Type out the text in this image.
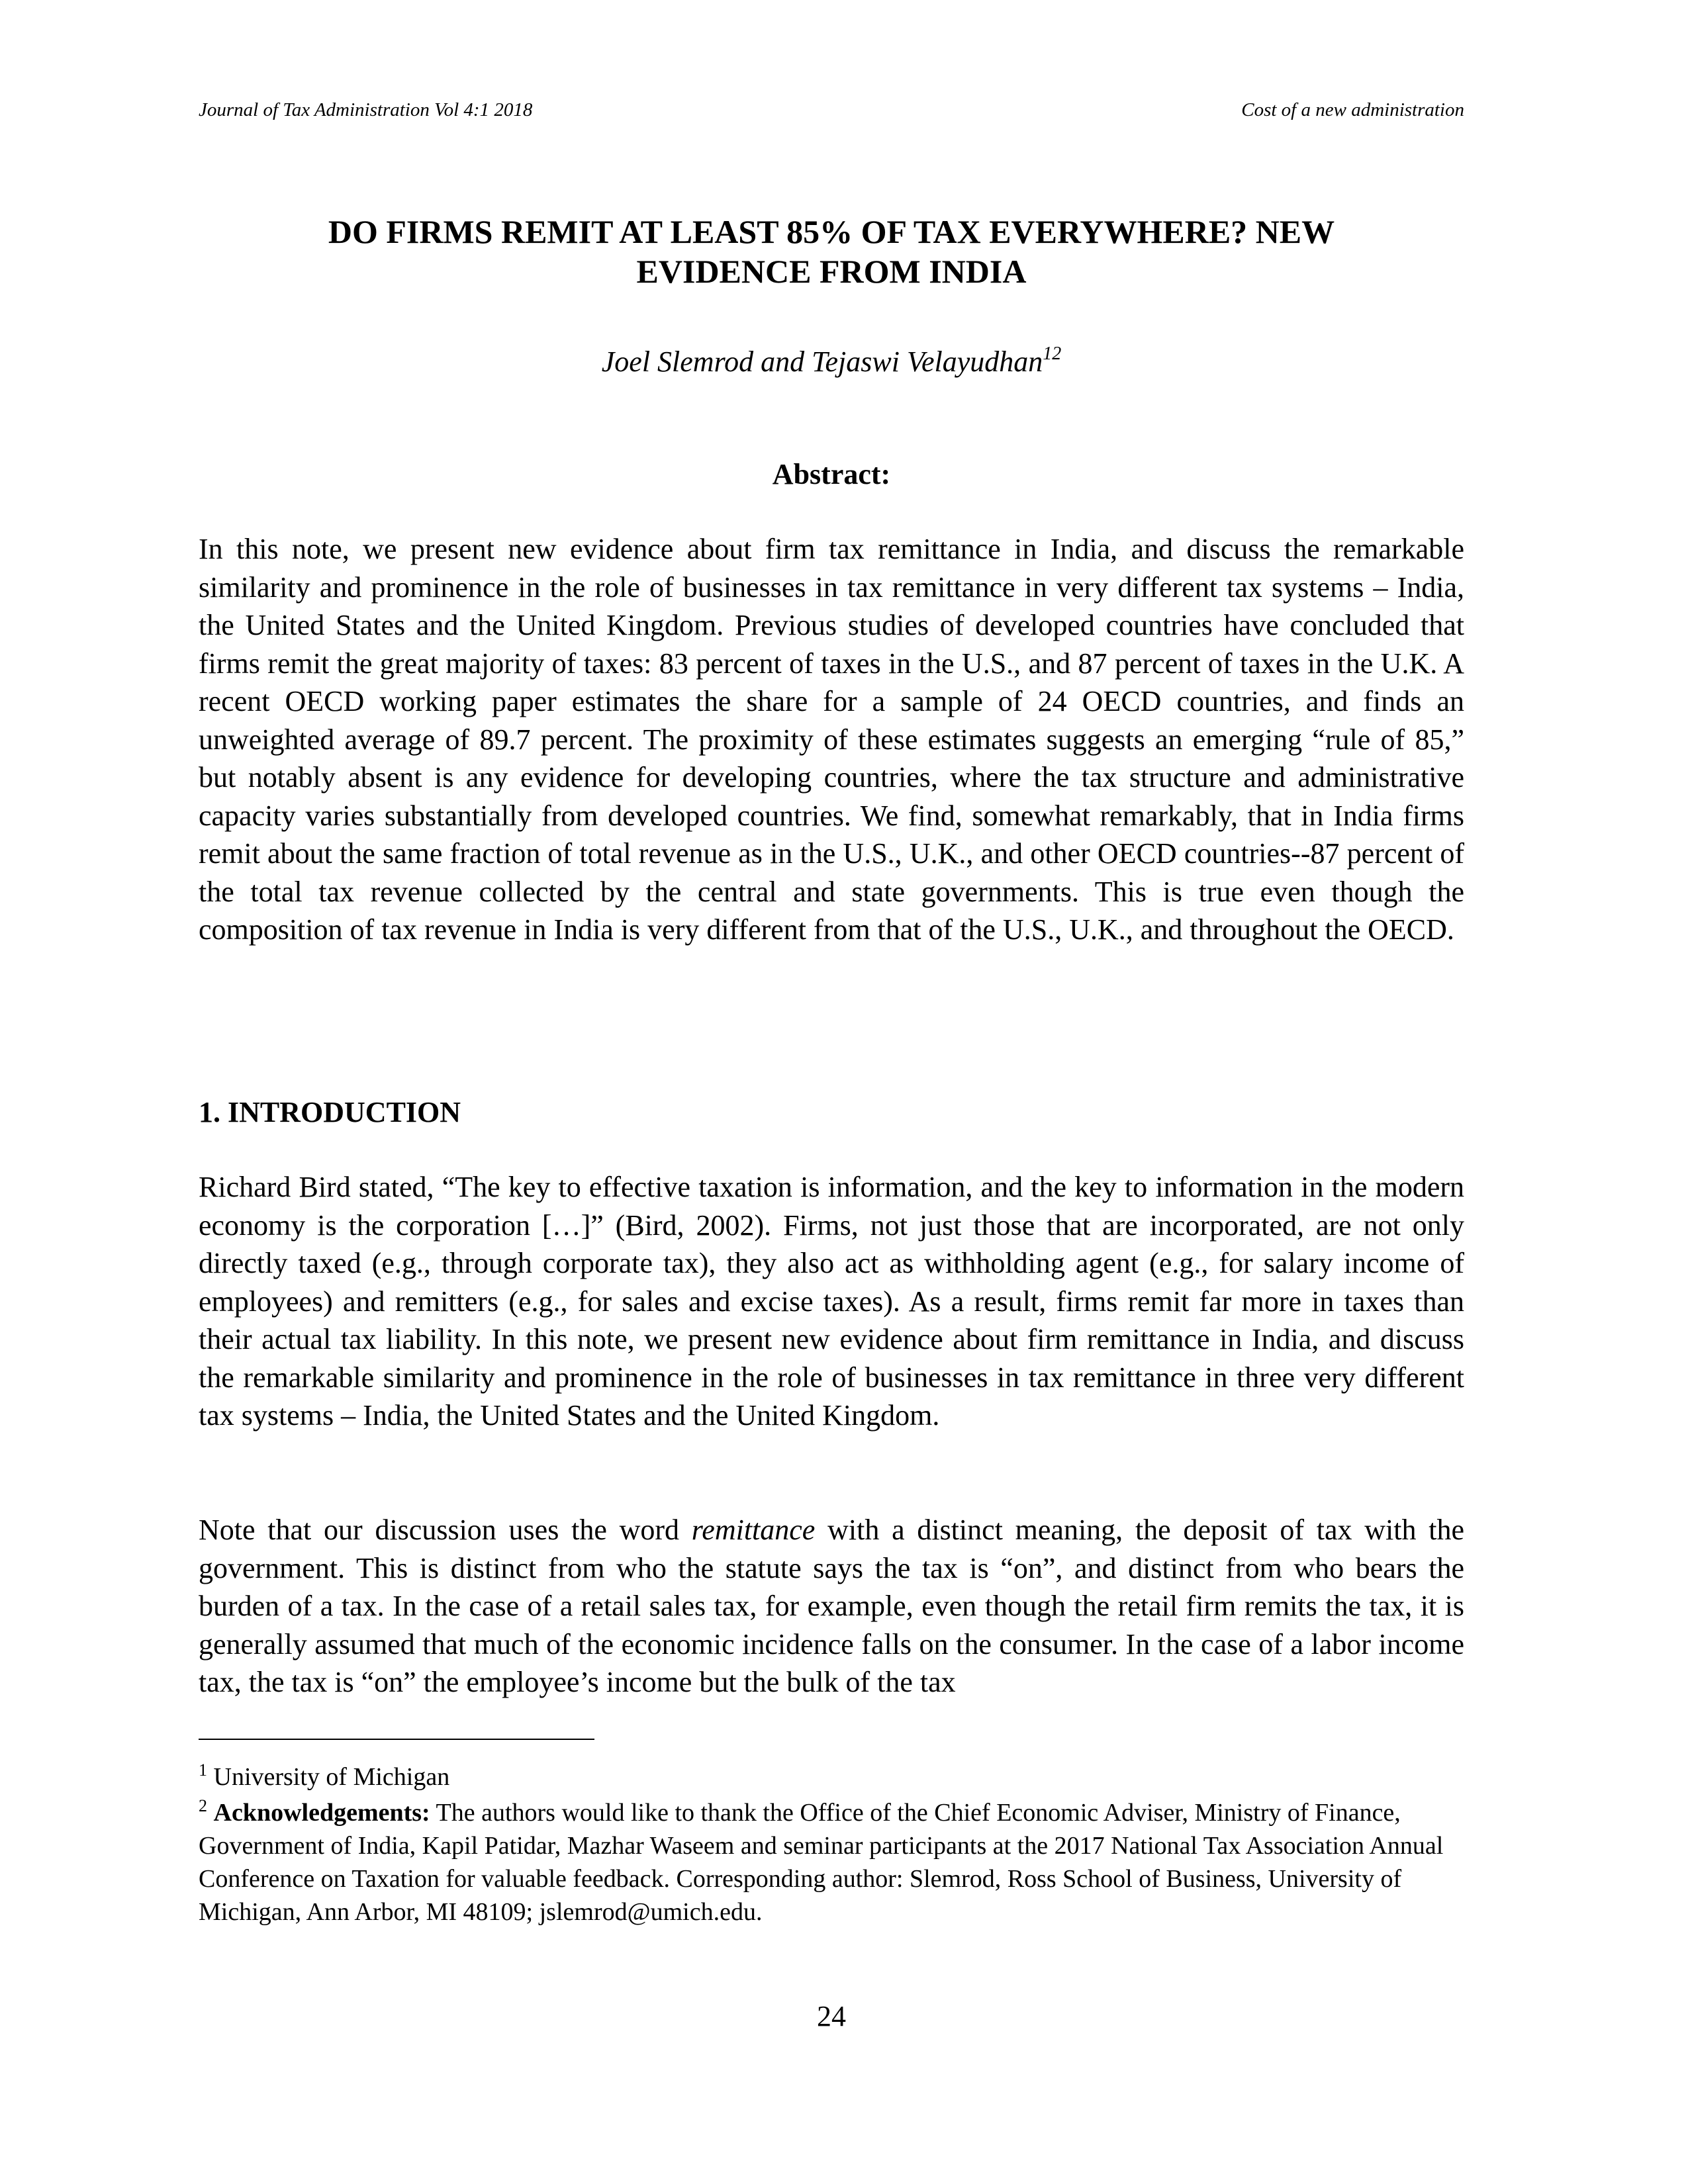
Journal of Tax Administration Vol 4:1 2018	Cost of a new administration
DO FIRMS REMIT AT LEAST 85% OF TAX EVERYWHERE? NEW
EVIDENCE FROM INDIA
Joel Slemrod and Tejaswi Velayudhan$^{12}$
Abstract:

In this note, we present new evidence about firm tax remittance in India, and discuss the remarkable similarity and prominence in the role of businesses in tax remittance in very different tax systems – India, the United States and the United Kingdom. Previous studies of developed countries have concluded that firms remit the great majority of taxes: 83 percent of taxes in the U.S., and 87 percent of taxes in the U.K. A recent OECD working paper estimates the share for a sample of 24 OECD countries, and finds an unweighted average of 89.7 percent. The proximity of these estimates suggests an emerging “rule of 85,” but notably absent is any evidence for developing countries, where the tax structure and administrative capacity varies substantially from developed countries. We find, somewhat remarkably, that in India firms remit about the same fraction of total revenue as in the U.S., U.K., and other OECD countries--87 percent of the total tax revenue collected by the central and state governments. This is true even though the composition of tax revenue in India is very different from that of the U.S., U.K., and throughout the OECD.

1. INTRODUCTION

Richard Bird stated, “The key to effective taxation is information, and the key to information in the modern economy is the corporation […]” (Bird, 2002). Firms, not just those that are incorporated, are not only directly taxed (e.g., through corporate tax), they also act as withholding agent (e.g., for salary income of employees) and remitters (e.g., for sales and excise taxes). As a result, firms remit far more in taxes than their actual tax liability. In this note, we present new evidence about firm remittance in India, and discuss the remarkable similarity and prominence in the role of businesses in tax remittance in three very different tax systems – India, the United States and the United Kingdom.

Note that our discussion uses the word remittance with a distinct meaning, the deposit of tax with the government. This is distinct from who the statute says the tax is “on”, and distinct from who bears the burden of a tax. In the case of a retail sales tax, for example, even though the retail firm remits the tax, it is generally assumed that much of the economic incidence falls on the consumer. In the case of a labor income tax, the tax is “on” the employee’s income but the bulk of the tax

$^1$ University of Michigan

$^2$ Acknowledgements: The authors would like to thank the Office of the Chief Economic Adviser, Ministry of Finance, Government of India, Kapil Patidar, Mazhar Waseem and seminar participants at the 2017 National Tax Association Annual Conference on Taxation for valuable feedback. Corresponding author: Slemrod, Ross School of Business, University of Michigan, Ann Arbor, MI 48109; jslemrod@umich.edu.

24
